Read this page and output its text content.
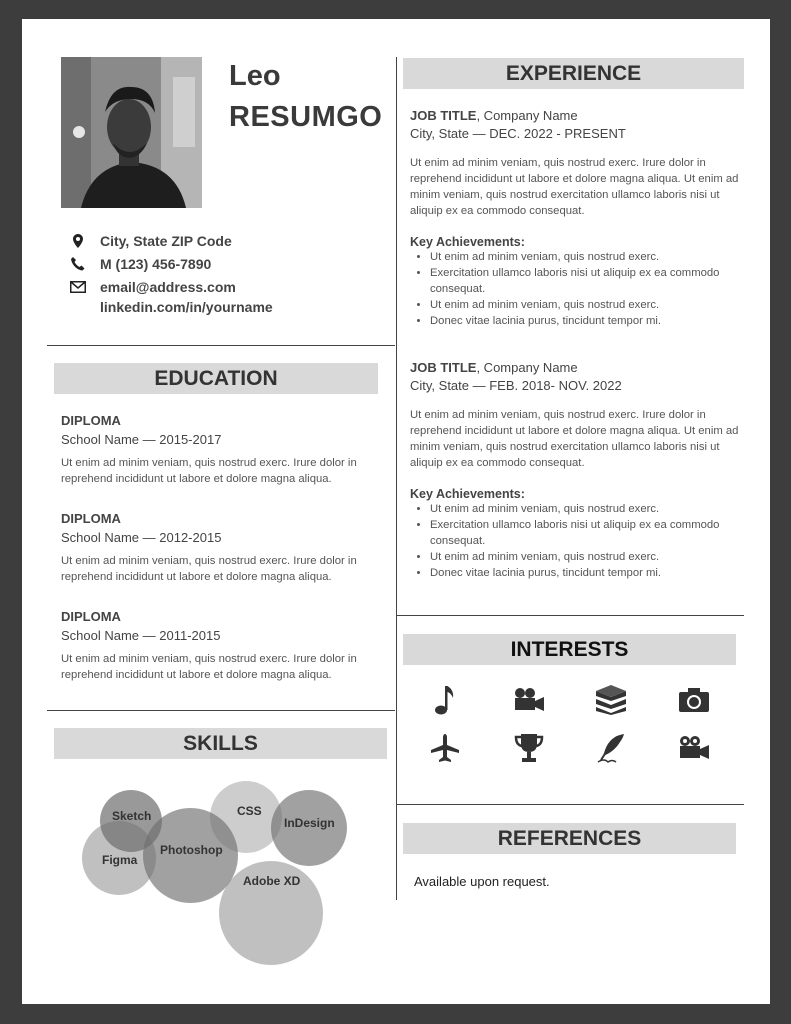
Leo
RESUMGO
City, State ZIP Code
M (123) 456-7890
email@address.com
linkedin.com/in/yourname
EDUCATION
DIPLOMA
School Name — 2015-2017
Ut enim ad minim veniam, quis nostrud exerc. Irure dolor in reprehend incididunt ut labore et dolore magna aliqua.
DIPLOMA
School Name — 2012-2015
Ut enim ad minim veniam, quis nostrud exerc. Irure dolor in reprehend incididunt ut labore et dolore magna aliqua.
DIPLOMA
School Name — 2011-2015
Ut enim ad minim veniam, quis nostrud exerc. Irure dolor in reprehend incididunt ut labore et dolore magna aliqua.
SKILLS
Sketch	CSS
InDesign
Photoshop
Figma
Adobe XD
EXPERIENCE
JOB TITLE, Company Name
City, State — DEC. 2022 - PRESENT
Ut enim ad minim veniam, quis nostrud exerc. Irure dolor in reprehend incididunt ut labore et dolore magna aliqua. Ut enim ad minim veniam, quis nostrud exercitation ullamco laboris nisi ut aliquip ex ea commodo consequat.
Key Achievements:
• Ut enim ad minim veniam, quis nostrud exerc.
• Exercitation ullamco laboris nisi ut aliquip ex ea commodo consequat.
• Ut enim ad minim veniam, quis nostrud exerc.
• Donec vitae lacinia purus, tincidunt tempor mi.
JOB TITLE, Company Name
City, State — FEB. 2018- NOV. 2022
Ut enim ad minim veniam, quis nostrud exerc. Irure dolor in reprehend incididunt ut labore et dolore magna aliqua. Ut enim ad minim veniam, quis nostrud exercitation ullamco laboris nisi ut aliquip ex ea commodo consequat.
Key Achievements:
• Ut enim ad minim veniam, quis nostrud exerc.
• Exercitation ullamco laboris nisi ut aliquip ex ea commodo consequat.
• Ut enim ad minim veniam, quis nostrud exerc.
• Donec vitae lacinia purus, tincidunt tempor mi.
INTERESTS
REFERENCES
Available upon request.
